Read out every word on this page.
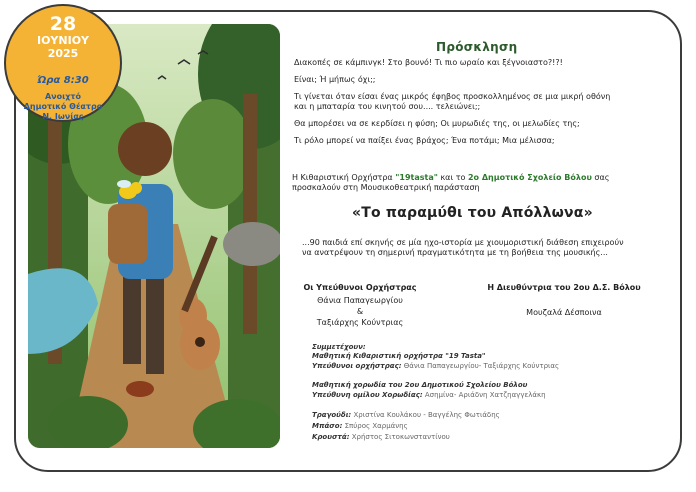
28
ΙΟΥΝΙΟΥ
2025
Ώρα 8:30
Ανοιχτό
Δημοτικό Θέατρο
Ν. Ιωνίας
Πρόσκληση
Διακοπές σε κάμπινγκ! Στο βουνό! Τι πιο ωραίο και ξέγνοιαστο?!?!
Είναι; Ή μήπως όχι;;
Τι γίνεται όταν είσαι ένας μικρός έφηβος προσκολλημένος σε μια μικρή οθόνη
και η μπαταρία του κινητού σου.... τελειώνει;;
Θα μπορέσει να σε κερδίσει η φύση; Οι μυρωδιές της, οι μελωδίες της;
Τι ρόλο μπορεί να παίξει ένας βράχος; Ένα ποτάμι; Μια μέλισσα;
Η Κιθαριστική Ορχήστρα "19tasta" και το 2ο Δημοτικό Σχολείο Βόλου σας
προσκαλούν στη Μουσικοθεατρική παράσταση
«Το παραμύθι του Απόλλωνα»
...90 παιδιά επί σκηνής σε μία ηχο-ιστορία με χιουμοριστική διάθεση επιχειρούν
να ανατρέψουν τη σημερινή πραγματικότητα με τη βοήθεια της μουσικής...
Οι Υπεύθυνοι Ορχήστρας
Θάνια Παπαγεωργίου
&
Ταξιάρχης Κούντριας
Η Διευθύντρια του 2ου Δ.Σ. Βόλου
Μουζαλά Δέσποινα
Συμμετέχουν:
Μαθητική Κιθαριστική ορχήστρα "19 Tasta"
Υπεύθυνοι ορχήστρας: Θάνια Παπαγεωργίου- Ταξιάρχης Κούντριας
Μαθητική χορωδία του 2ου Δημοτικού Σχολείου Βόλου
Υπεύθυνη ομίλου Χορωδίας: Ασημίνα- Αριάδνη Χατζηαγγελάκη
Τραγούδι: Χριστίνα Κουλάκου - Βαγγέλης Φωτιάδης
Μπάσο: Σπύρος Χαρμάνης
Κρουστά: Χρήστος Σιτοκωνσταντίνου
